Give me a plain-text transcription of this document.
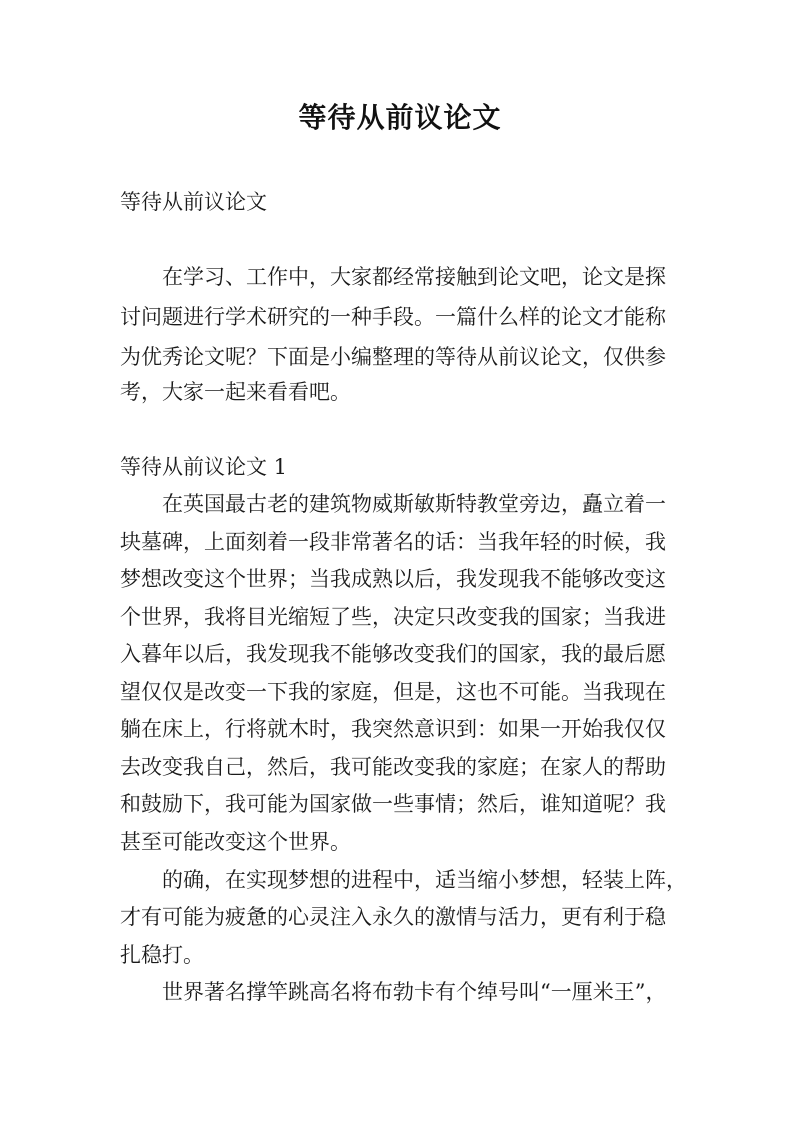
等待从前议论文
等待从前议论文
在学习、工作中，大家都经常接触到论文吧，论文是探
讨问题进行学术研究的一种手段。一篇什么样的论文才能称
为优秀论文呢？下面是小编整理的等待从前议论文，仅供参
考，大家一起来看看吧。
等待从前议论文 1
在英国最古老的建筑物威斯敏斯特教堂旁边，矗立着一
块墓碑，上面刻着一段非常著名的话：当我年轻的时候，我
梦想改变这个世界；当我成熟以后，我发现我不能够改变这
个世界，我将目光缩短了些，决定只改变我的国家；当我进
入暮年以后，我发现我不能够改变我们的国家，我的最后愿
望仅仅是改变一下我的家庭，但是，这也不可能。当我现在
躺在床上，行将就木时，我突然意识到：如果一开始我仅仅
去改变我自己，然后，我可能改变我的家庭；在家人的帮助
和鼓励下，我可能为国家做一些事情；然后，谁知道呢？我
甚至可能改变这个世界。
的确，在实现梦想的进程中，适当缩小梦想，轻装上阵，
才有可能为疲惫的心灵注入永久的激情与活力，更有利于稳
扎稳打。
世界著名撑竿跳高名将布勃卡有个绰号叫“一厘米王”，
